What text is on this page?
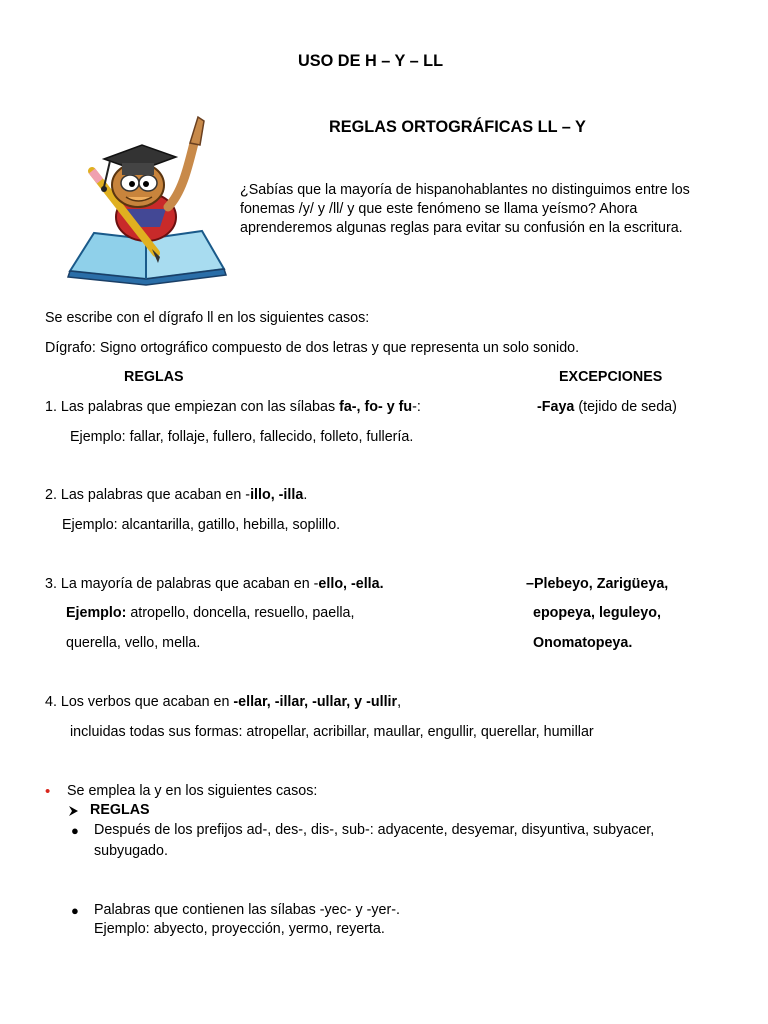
USO DE H – Y – LL
REGLAS ORTOGRÁFICAS LL – Y
¿Sabías que la mayoría de hispanohablantes no distinguimos entre los
fonemas /y/ y /ll/ y que este fenómeno se llama yeísmo? Ahora
aprenderemos algunas reglas para evitar su confusión en la escritura.
Se escribe con el dígrafo ll en los siguientes casos:
Dígrafo: Signo ortográfico compuesto de dos letras y que representa un solo sonido.
REGLAS	EXCEPCIONES
1. Las palabras que empiezan con las sílabas fa-, fo- y fu-:	-Faya (tejido de seda)
Ejemplo: fallar, follaje, fullero, fallecido, folleto, fullería.
2. Las palabras que acaban en -illo, -illa.
Ejemplo: alcantarilla, gatillo, hebilla, soplillo.
3. La mayoría de palabras que acaban en -ello, -ella.	–Plebeyo, Zarigüeya,
Ejemplo: atropello, doncella, resuello, paella,	epopeya, leguleyo,
querella, vello, mella.	Onomatopeya.
4. Los verbos que acaban en -ellar, -illar, -ullar, y -ullir,
incluidas todas sus formas: atropellar, acribillar, maullar, engullir, querellar, humillar
• Se emplea la y en los siguientes casos:
REGLAS
● Después de los prefijos ad-, des-, dis-, sub-: adyacente, desyemar, disyuntiva, subyacer,
subyugado.
● Palabras que contienen las sílabas -yec- y -yer-.
Ejemplo: abyecto, proyección, yermo, reyerta.
